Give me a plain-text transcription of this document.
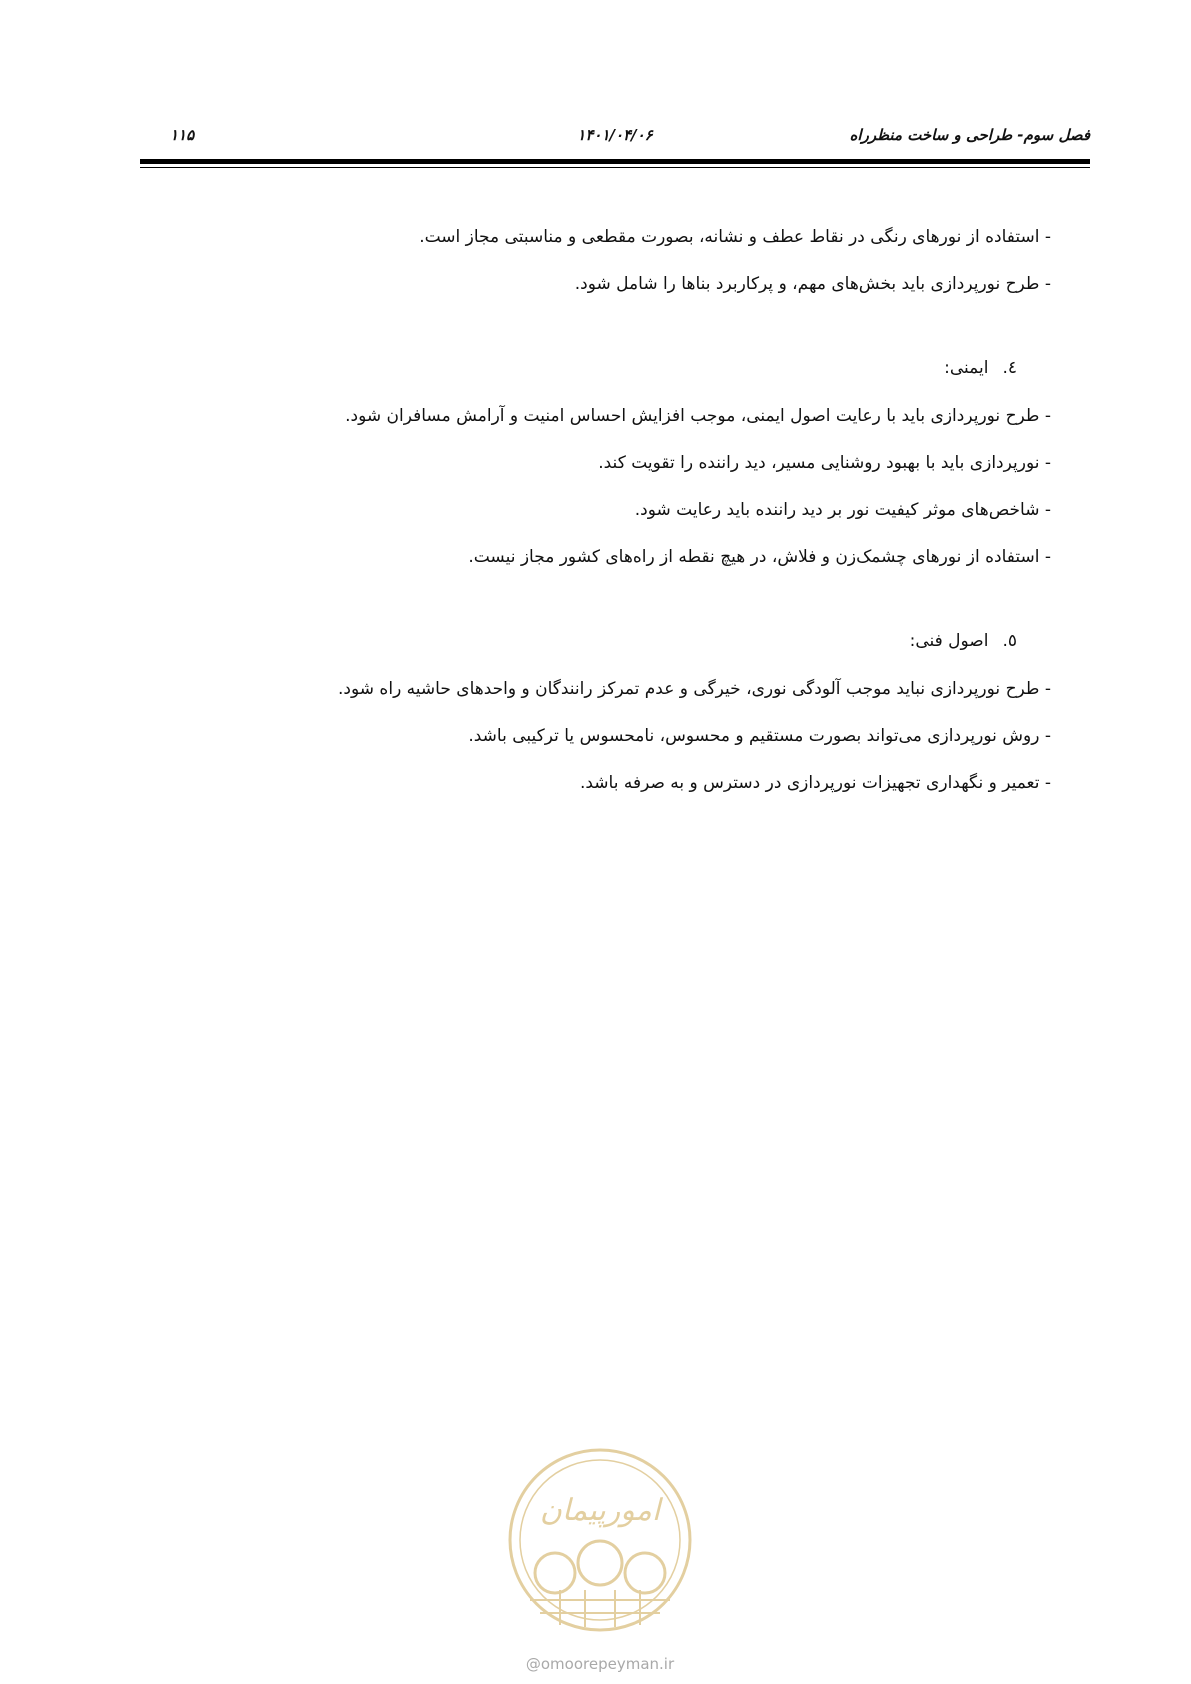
فصل سوم- طراحی و ساخت منظرراه
۱۴۰۱/۰۴/۰۶
۱۱۵
- استفاده از نورهای رنگی در نقاط عطف و نشانه، بصورت مقطعی و مناسبتی مجاز است.
- طرح نورپردازی باید بخش‌های مهم، و پرکاربرد بناها را شامل شود.
٤.ایمنی:
- طرح نورپردازی باید با رعایت اصول ایمنی، موجب افزایش احساس امنیت و آرامش مسافران شود.
- نورپردازی باید با بهبود روشنایی مسیر، دید راننده را تقویت کند.
- شاخص‌های موثر کیفیت نور بر دید راننده باید رعایت شود.
- استفاده از نورهای چشمک‌زن و فلاش، در هیچ نقطه از راه‌های کشور مجاز نیست.
٥.اصول فنی:
- طرح نورپردازی نباید موجب آلودگی نوری، خیرگی و عدم تمرکز رانندگان و واحدهای حاشیه راه شود.
- روش نورپردازی می‌تواند بصورت مستقیم و محسوس، نامحسوس یا ترکیبی باشد.
- تعمیر و نگهداری تجهیزات نورپردازی در دسترس و به صرفه باشد.
امورپیمان
@omoorepeyman.ir
